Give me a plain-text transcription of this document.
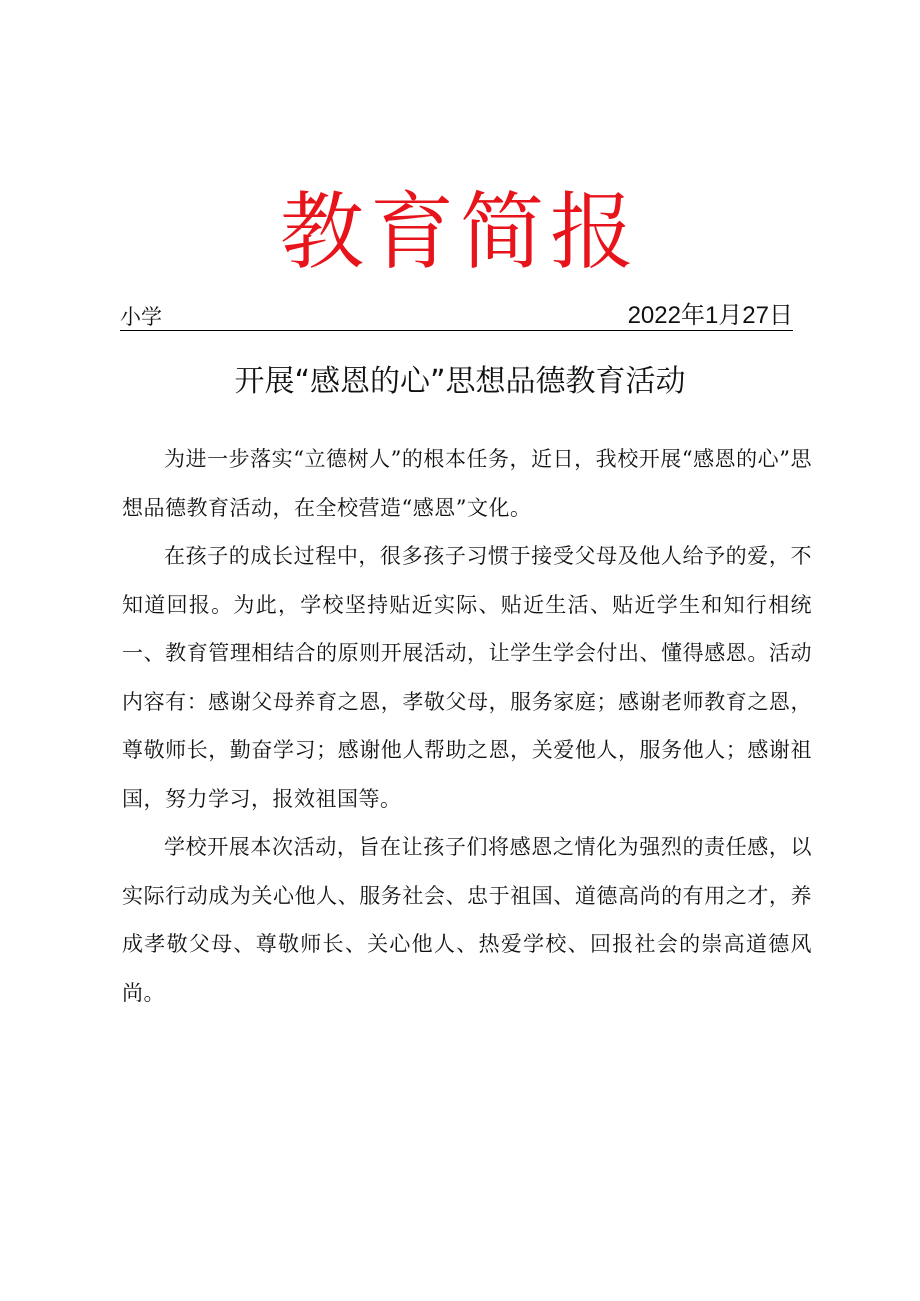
教育简报
小学	2022年1月27日
开展“感恩的心”思想品德教育活动

为进一步落实“立德树人”的根本任务，近日，我校开展“感恩的心”思想品德教育活动，在全校营造“感恩”文化。

在孩子的成长过程中，很多孩子习惯于接受父母及他人给予的爱，不知道回报。为此，学校坚持贴近实际、贴近生活、贴近学生和知行相统一、教育管理相结合的原则开展活动，让学生学会付出、懂得感恩。活动内容有：感谢父母养育之恩，孝敬父母，服务家庭；感谢老师教育之恩，尊敬师长，勤奋学习；感谢他人帮助之恩，关爱他人，服务他人；感谢祖国，努力学习，报效祖国等。

学校开展本次活动，旨在让孩子们将感恩之情化为强烈的责任感，以实际行动成为关心他人、服务社会、忠于祖国、道德高尚的有用之才，养成孝敬父母、尊敬师长、关心他人、热爱学校、回报社会的崇高道德风尚。
